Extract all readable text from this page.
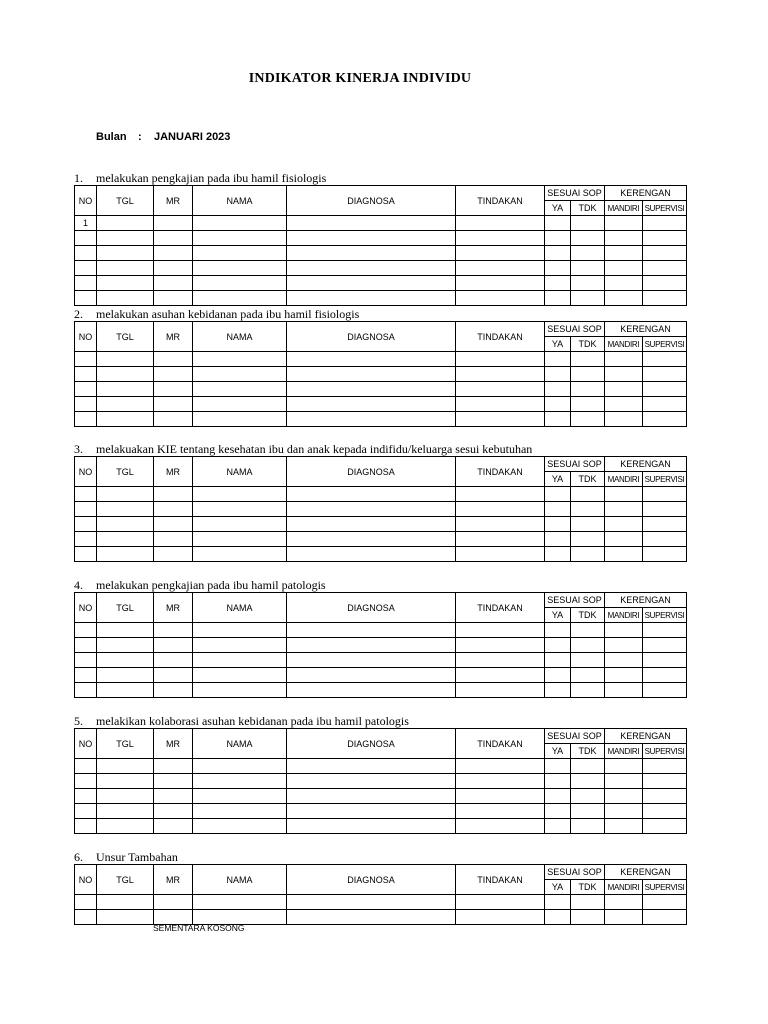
INDIKATOR KINERJA INDIVIDU
Bulan : JANUARI 2023
1. melakukan pengkajian pada ibu hamil fisiologis
NO	TGL	MR	NAMA	DIAGNOSA	TINDAKAN	SESUAI SOP		KERENGAN	
						YA	TDK	MANDIRI	SUPERVISI
1									

2. melakukan asuhan kebidanan pada ibu hamil fisiologis
NO	TGL	MR	NAMA	DIAGNOSA	TINDAKAN	SESUAI SOP		KERENGAN	
						YA	TDK	MANDIRI	SUPERVISI

3. melakuakan KIE tentang kesehatan ibu dan anak kepada indifidu/keluarga sesui kebutuhan
NO	TGL	MR	NAMA	DIAGNOSA	TINDAKAN	SESUAI SOP		KERENGAN	
						YA	TDK	MANDIRI	SUPERVISI

4. melakukan pengkajian pada ibu hamil patologis
NO	TGL	MR	NAMA	DIAGNOSA	TINDAKAN	SESUAI SOP		KERENGAN	
						YA	TDK	MANDIRI	SUPERVISI

5. melakikan kolaborasi asuhan kebidanan pada ibu hamil patologis
NO	TGL	MR	NAMA	DIAGNOSA	TINDAKAN	SESUAI SOP		KERENGAN	
						YA	TDK	MANDIRI	SUPERVISI

6. Unsur Tambahan
NO	TGL	MR	NAMA	DIAGNOSA	TINDAKAN	SESUAI SOP		KERENGAN	
						YA	TDK	MANDIRI	SUPERVISI

SEMENTARA KOSONG
